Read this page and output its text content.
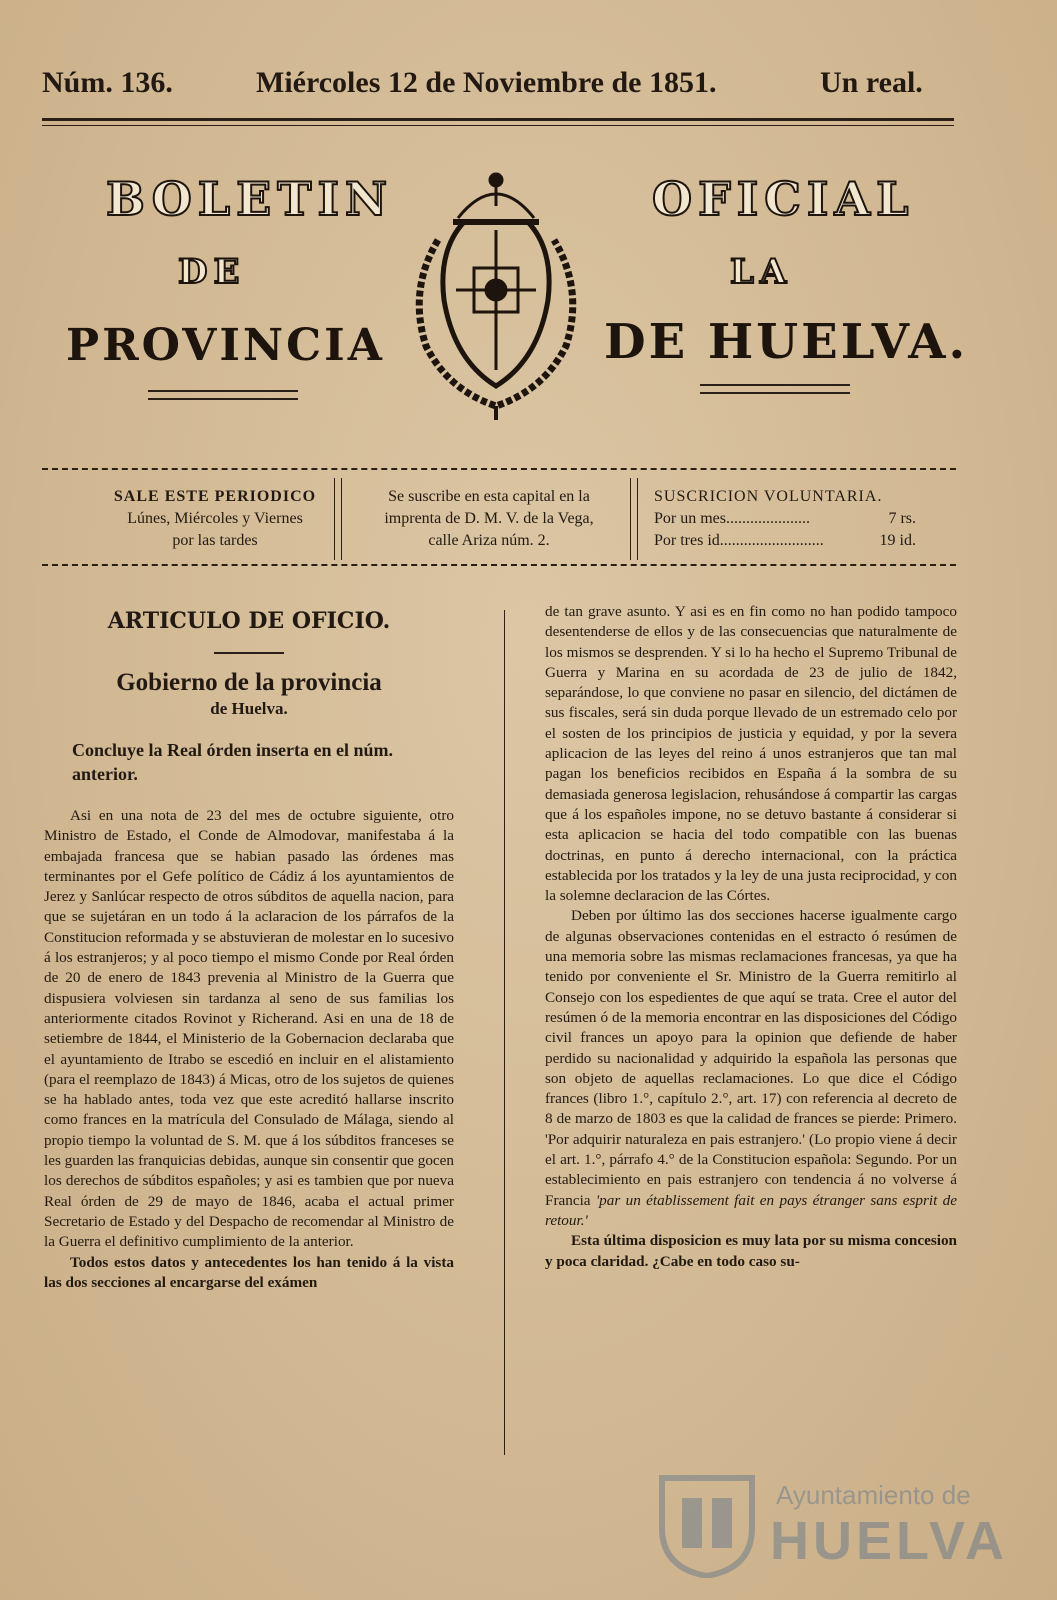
Núm. 136.	Miércoles 12 de Noviembre de 1851.	Un real.
BOLETIN	OFICIAL
DE	LA
PROVINCIA	DE HUELVA.
SALE ESTE PERIODICO
Lúnes, Miércoles y Viernes
por las tardes
Se suscribe en esta capital en la
imprenta de D. M. V. de la Vega,
calle Ariza núm. 2.
SUSCRICION VOLUNTARIA.
Por un mes.....................	7 rs.
Por tres id..........................	19 id.
ARTICULO DE OFICIO.
Gobierno de la provincia
de Huelva.
Concluye la Real órden inserta en el núm. anterior.

Asi en una nota de 23 del mes de octubre siguiente, otro Ministro de Estado, el Conde de Almodovar, manifestaba á la embajada francesa que se habian pasado las órdenes mas terminantes por el Gefe político de Cádiz á los ayuntamientos de Jerez y Sanlúcar respecto de otros súbditos de aquella nacion, para que se sujetáran en un todo á la aclaracion de los párrafos de la Constitucion reformada y se abstuvieran de molestar en lo sucesivo á los estranjeros; y al poco tiempo el mismo Conde por Real órden de 20 de enero de 1843 prevenia al Ministro de la Guerra que dispusiera volviesen sin tardanza al seno de sus familias los anteriormente citados Rovinot y Richerand. Asi en una de 18 de setiembre de 1844, el Ministerio de la Gobernacion declaraba que el ayuntamiento de Itrabo se escedió en incluir en el alistamiento (para el reemplazo de 1843) á Micas, otro de los sujetos de quienes se ha hablado antes, toda vez que este acreditó hallarse inscrito como frances en la matrícula del Consulado de Málaga, siendo al propio tiempo la voluntad de S. M. que á los súbditos franceses se les guarden las franquicias debidas, aunque sin consentir que gocen los derechos de súbditos españoles; y asi es tambien que por nueva Real órden de 29 de mayo de 1846, acaba el actual primer Secretario de Estado y del Despacho de recomendar al Ministro de la Guerra el definitivo cumplimiento de la anterior.

Todos estos datos y antecedentes los han tenido á la vista las dos secciones al encargarse del exámen

de tan grave asunto. Y asi es en fin como no han podido tampoco desentenderse de ellos y de las consecuencias que naturalmente de los mismos se desprenden. Y si lo ha hecho el Supremo Tribunal de Guerra y Marina en su acordada de 23 de julio de 1842, separándose, lo que conviene no pasar en silencio, del dictámen de sus fiscales, será sin duda porque llevado de un estremado celo por el sosten de los principios de justicia y equidad, y por la severa aplicacion de las leyes del reino á unos estranjeros que tan mal pagan los beneficios recibidos en España á la sombra de su demasiada generosa legislacion, rehusándose á compartir las cargas que á los españoles impone, no se detuvo bastante á considerar si esta aplicacion se hacia del todo compatible con las buenas doctrinas, en punto á derecho internacional, con la práctica establecida por los tratados y la ley de una justa reciprocidad, y con la solemne declaracion de las Córtes.

Deben por último las dos secciones hacerse igualmente cargo de algunas observaciones contenidas en el estracto ó resúmen de una memoria sobre las mismas reclamaciones francesas, ya que ha tenido por conveniente el Sr. Ministro de la Guerra remitirlo al Consejo con los espedientes de que aquí se trata. Cree el autor del resúmen ó de la memoria encontrar en las disposiciones del Código civil frances un apoyo para la opinion que defiende de haber perdido su nacionalidad y adquirido la española las personas que son objeto de aquellas reclamaciones. Lo que dice el Código frances (libro 1.°, capítulo 2.°, art. 17) con referencia al decreto de 8 de marzo de 1803 es que la calidad de frances se pierde: Primero. 'Por adquirir naturaleza en pais estranjero.' (Lo propio viene á decir el art. 1.°, párrafo 4.° de la Constitucion española: Segundo. Por un establecimiento en pais estranjero con tendencia á no volverse á Francia 'par un établissement fait en pays étranger sans esprit de retour.'

Esta última disposicion es muy lata por su misma concesion y poca claridad. ¿Cabe en todo caso su-

Ayuntamiento de
HUELVA
